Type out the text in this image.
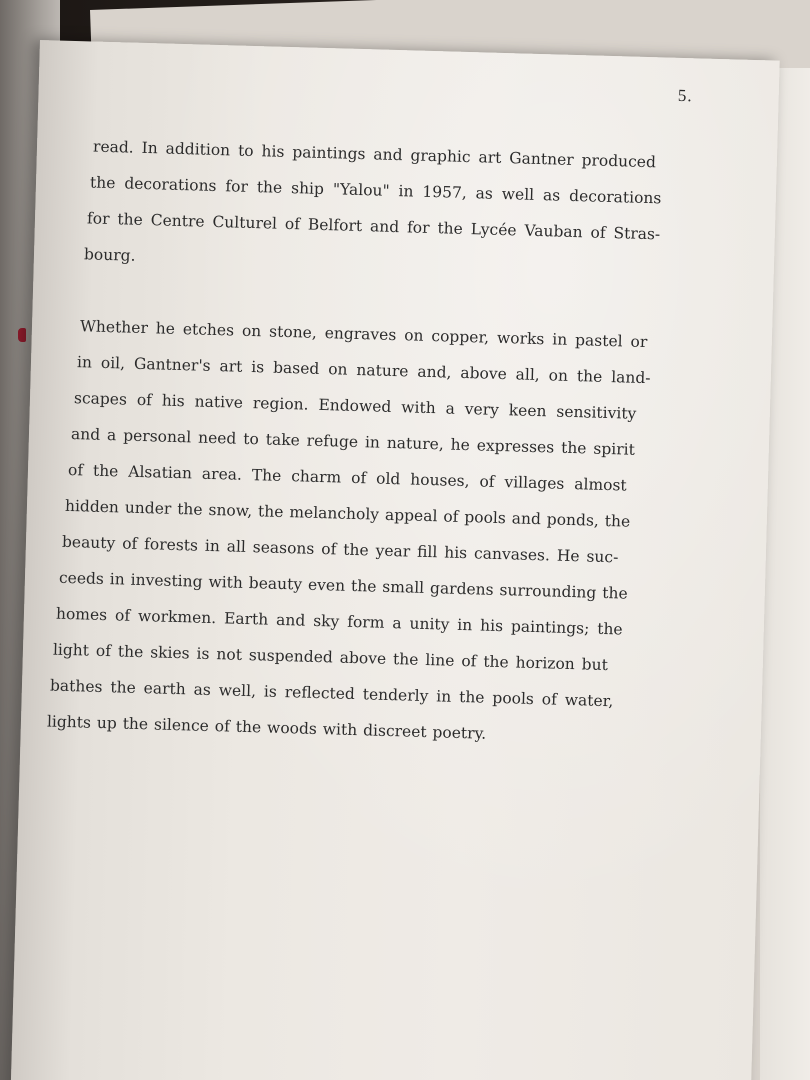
5.
read. In addition to his paintings and graphic art Gantner produced
the decorations for the ship "Yalou" in 1957, as well as decorations
for the Centre Culturel of Belfort and for the Lycée Vauban of Stras-
bourg.
Whether he etches on stone, engraves on copper, works in pastel or
in oil, Gantner's art is based on nature and, above all, on the land-
scapes of his native region. Endowed with a very keen sensitivity
and a personal need to take refuge in nature, he expresses the spirit
of the Alsatian area. The charm of old houses, of villages almost
hidden under the snow, the melancholy appeal of pools and ponds, the
beauty of forests in all seasons of the year fill his canvases. He suc-
ceeds in investing with beauty even the small gardens surrounding the
homes of workmen. Earth and sky form a unity in his paintings; the
light of the skies is not suspended above the line of the horizon but
bathes the earth as well, is reflected tenderly in the pools of water,
lights up the silence of the woods with discreet poetry.
